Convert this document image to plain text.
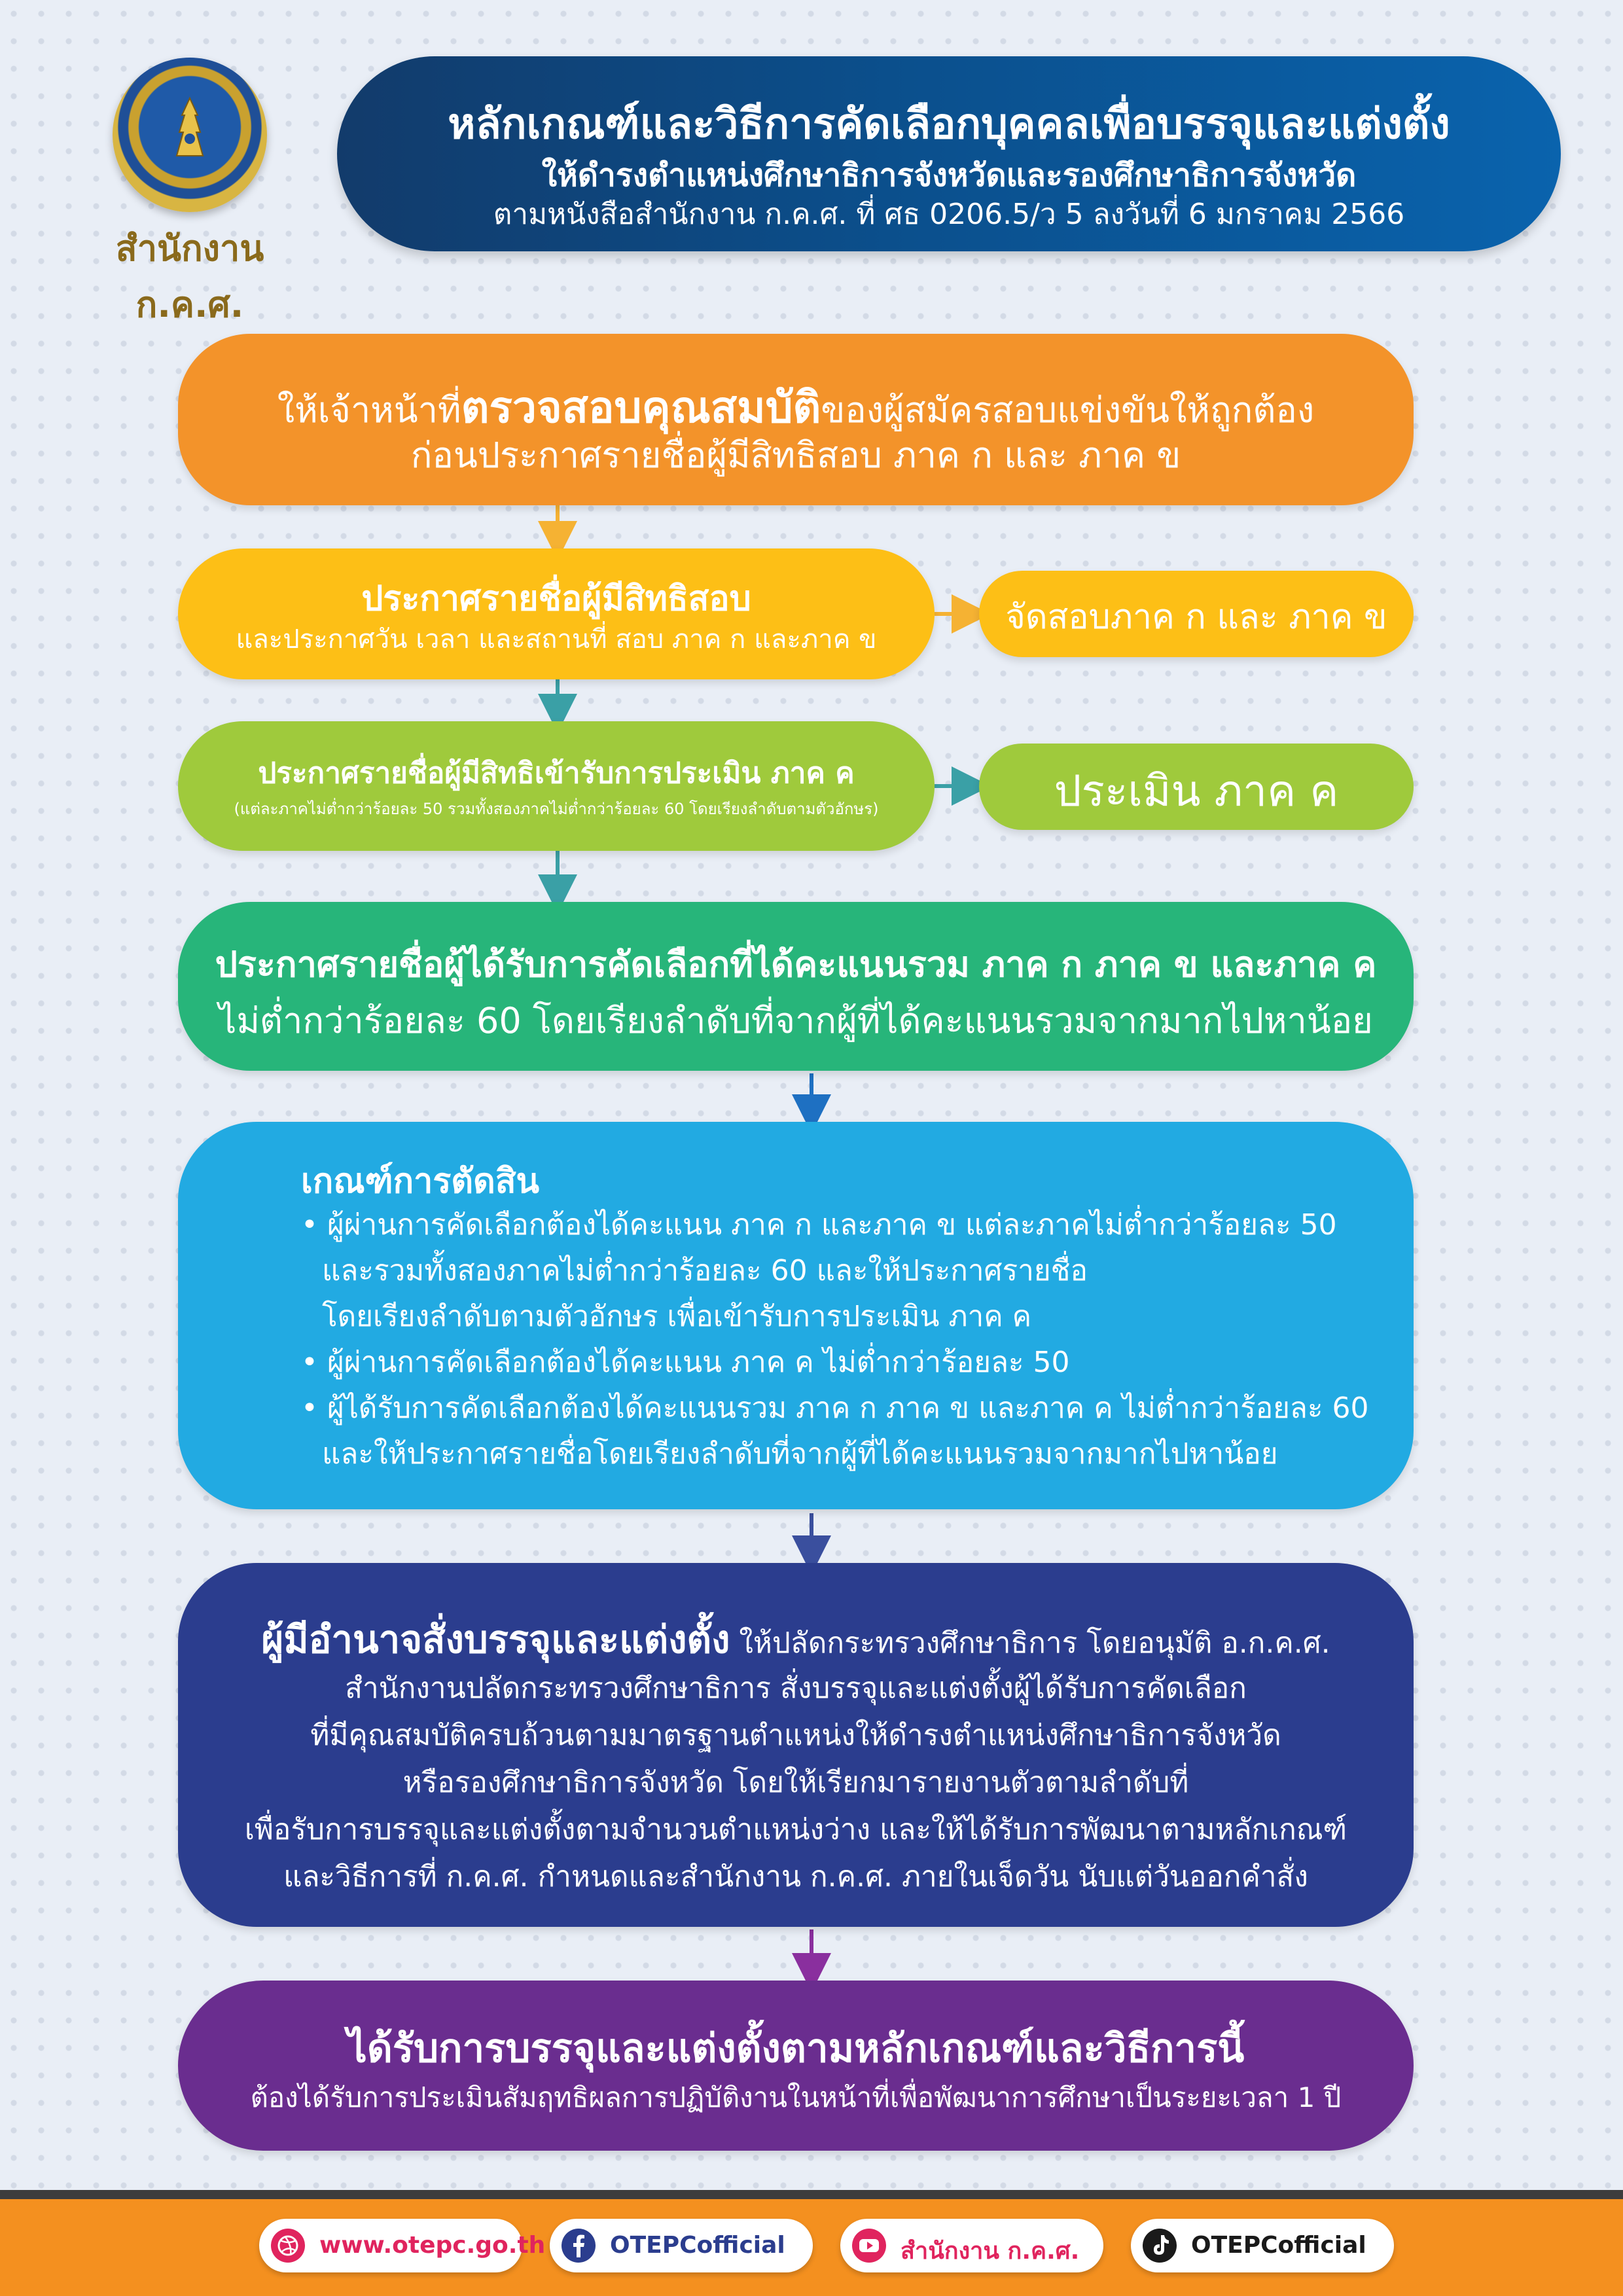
สำนักงาน ก.ค.ศ.
หลักเกณฑ์และวิธีการคัดเลือกบุคคลเพื่อบรรจุและแต่งตั้ง
ให้ดำรงตำแหน่งศึกษาธิการจังหวัดและรองศึกษาธิการจังหวัด
ตามหนังสือสำนักงาน ก.ค.ศ. ที่ ศธ 0206.5/ว 5 ลงวันที่ 6 มกราคม 2566
ให้เจ้าหน้าที่ตรวจสอบคุณสมบัติของผู้สมัครสอบแข่งขันให้ถูกต้อง
ก่อนประกาศรายชื่อผู้มีสิทธิสอบ ภาค ก และ ภาค ข
ประกาศรายชื่อผู้มีสิทธิสอบ
และประกาศวัน เวลา และสถานที่ สอบ ภาค ก และภาค ข
จัดสอบภาค ก และ ภาค ข
ประกาศรายชื่อผู้มีสิทธิเข้ารับการประเมิน ภาค ค
(แต่ละภาคไม่ต่ำกว่าร้อยละ 50 รวมทั้งสองภาคไม่ต่ำกว่าร้อยละ 60 โดยเรียงลำดับตามตัวอักษร)	ประเมิน ภาค ค
ประกาศรายชื่อผู้ได้รับการคัดเลือกที่ได้คะแนนรวม ภาค ก ภาค ข และภาค ค
ไม่ต่ำกว่าร้อยละ 60 โดยเรียงลำดับที่จากผู้ที่ได้คะแนนรวมจากมากไปหาน้อย
เกณฑ์การตัดสิน
• ผู้ผ่านการคัดเลือกต้องได้คะแนน ภาค ก และภาค ข แต่ละภาคไม่ต่ำกว่าร้อยละ 50
และรวมทั้งสองภาคไม่ต่ำกว่าร้อยละ 60 และให้ประกาศรายชื่อ
โดยเรียงลำดับตามตัวอักษร เพื่อเข้ารับการประเมิน ภาค ค
• ผู้ผ่านการคัดเลือกต้องได้คะแนน ภาค ค ไม่ต่ำกว่าร้อยละ 50
• ผู้ได้รับการคัดเลือกต้องได้คะแนนรวม ภาค ก ภาค ข และภาค ค ไม่ต่ำกว่าร้อยละ 60
และให้ประกาศรายชื่อโดยเรียงลำดับที่จากผู้ที่ได้คะแนนรวมจากมากไปหาน้อย
ผู้มีอำนาจสั่งบรรจุและแต่งตั้ง ให้ปลัดกระทรวงศึกษาธิการ โดยอนุมัติ อ.ก.ค.ศ.
สำนักงานปลัดกระทรวงศึกษาธิการ สั่งบรรจุและแต่งตั้งผู้ได้รับการคัดเลือก
ที่มีคุณสมบัติครบถ้วนตามมาตรฐานตำแหน่งให้ดำรงตำแหน่งศึกษาธิการจังหวัด
หรือรองศึกษาธิการจังหวัด โดยให้เรียกมารายงานตัวตามลำดับที่
เพื่อรับการบรรจุและแต่งตั้งตามจำนวนตำแหน่งว่าง และให้ได้รับการพัฒนาตามหลักเกณฑ์
และวิธีการที่ ก.ค.ศ. กำหนดและสำนักงาน ก.ค.ศ. ภายในเจ็ดวัน นับแต่วันออกคำสั่ง
ได้รับการบรรจุและแต่งตั้งตามหลักเกณฑ์และวิธีการนี้
ต้องได้รับการประเมินสัมฤทธิผลการปฏิบัติงานในหน้าที่เพื่อพัฒนาการศึกษาเป็นระยะเวลา 1 ปี
www.otepc.go.th	OTEPCofficial	สำนักงาน ก.ค.ศ.	OTEPCofficial
